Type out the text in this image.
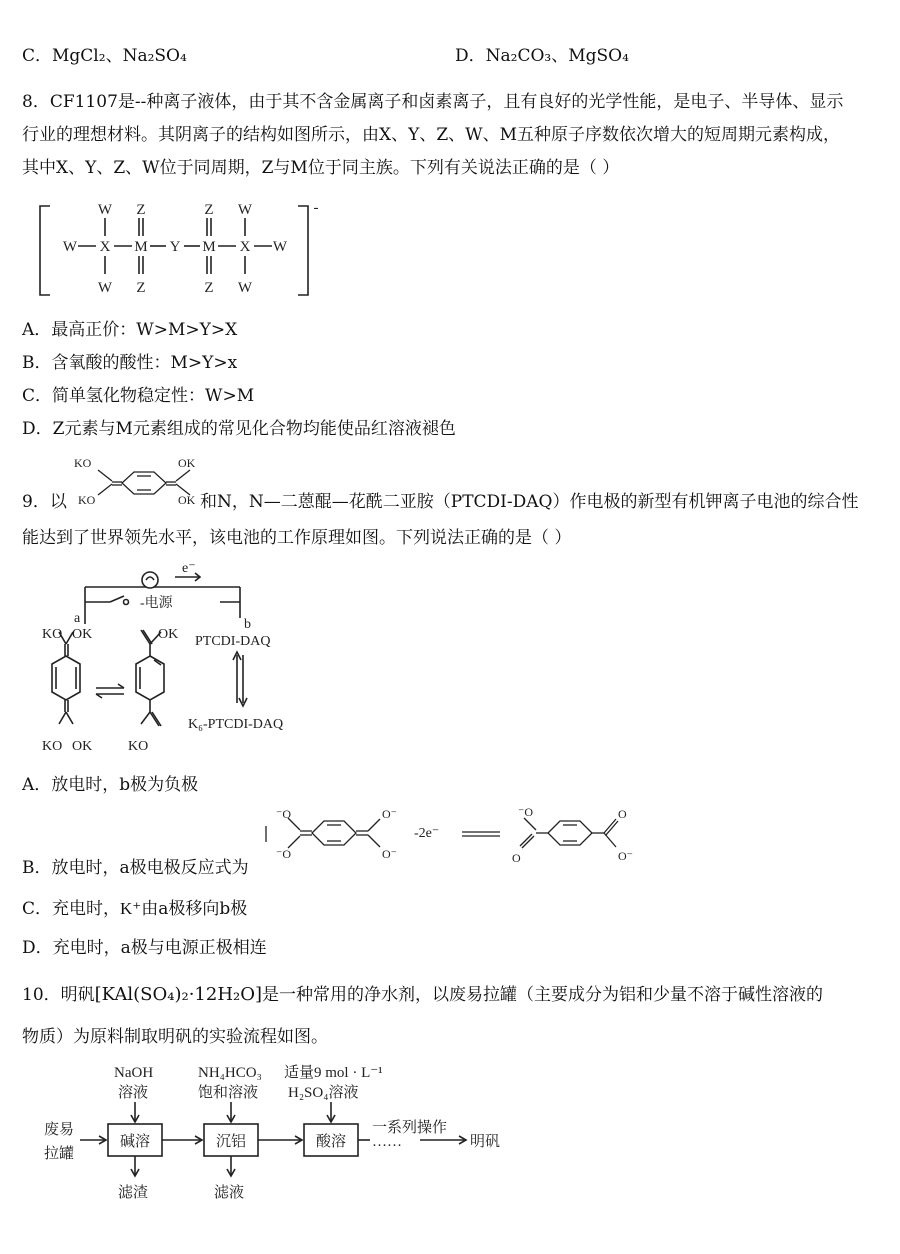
C．MgCl₂、Na₂SO₄	D．Na₂CO₃、MgSO₄
8．CF1107是--种离子液体，由于其不含金属离子和卤素离子，且有良好的光学性能，是电子、半导体、显示
行业的理想材料。其阴离子的结构如图所示，由X、Y、Z、W、M五种原子序数依次增大的短周期元素构成，
其中X、Y、Z、W位于同周期，Z与M位于同主族。下列有关说法正确的是（ ）
W Z	Z W
W X M Y M X W
W Z	Z W
-
A．最高正价：W>M>Y>X
B．含氧酸的酸性：M>Y>x
C．简单氢化物稳定性：W>M
D．Z元素与M元素组成的常见化合物均能使品红溶液褪色
9．以
KO
KO
OK
OK 和N，N—二蒽醌—花酰二亚胺（PTCDI-DAQ）作电极的新型有机钾离子电池的综合性
能达到了世界领先水平，该电池的工作原理如图。下列说法正确的是（ ）
e⁻
-电源
a	b
PTCDI-DAQ
K₆-PTCDI-DAQ
KO OK	OK
KO OK	KO
A．放电时，b极为负极
B．放电时，a极电极反应式为
⁻O
⁻O
O⁻
O⁻
⁻O
O
O
O⁻
-2e⁻
C．充电时，K⁺由a极移向b极
D．充电时，a极与电源正极相连
10．明矾[KAl(SO₄)₂·12H₂O]是一种常用的净水剂，以废易拉罐（主要成分为铝和少量不溶于碱性溶液的
物质）为原料制取明矾的实验流程如图。
废易
拉罐
碱溶	沉铝	酸溶
NaOH
溶液
NH₄HCO₃
饱和溶液
适量9 mol · L⁻¹
H₂SO₄溶液
滤渣	滤液
一系列操作
……	明矾
